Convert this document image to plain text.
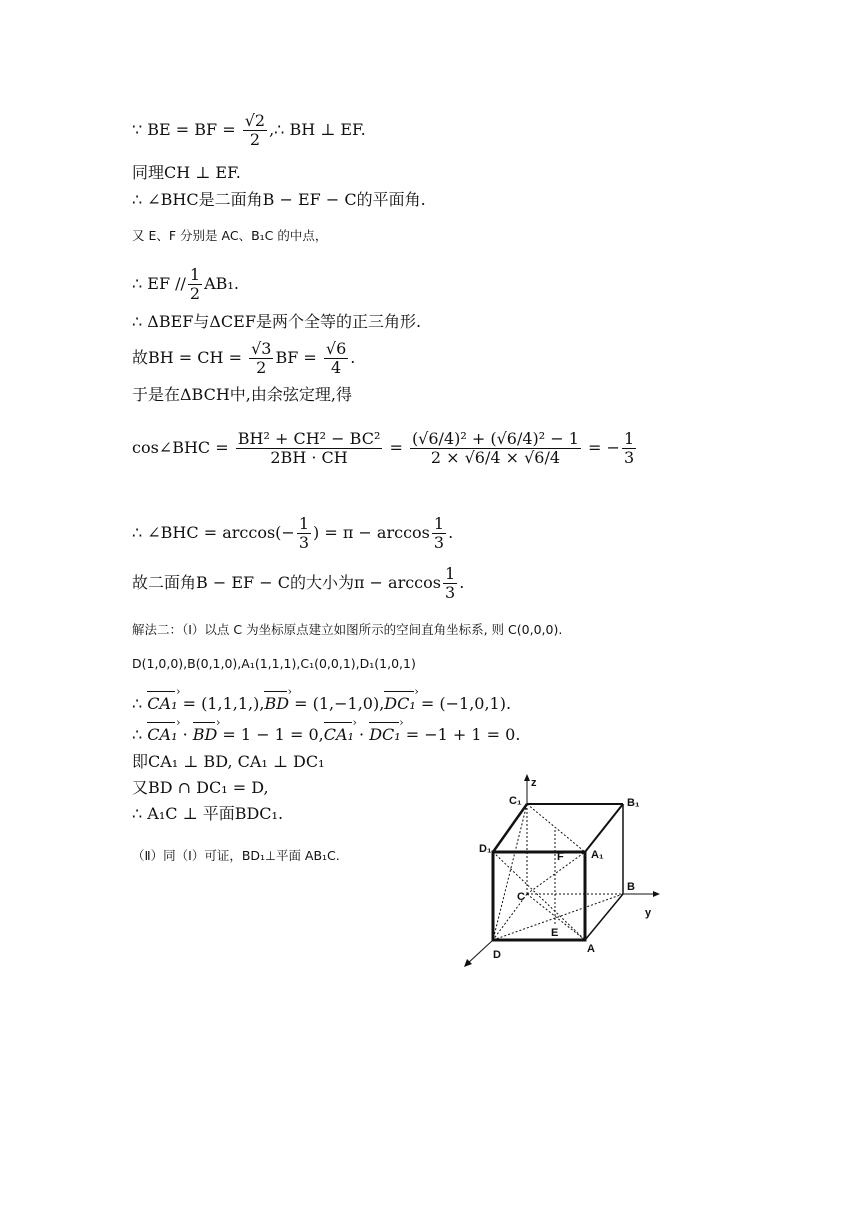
∵ BE = BF = $\frac{√2}{2}$ ,∴ BH ⊥ EF.
同理CH ⊥ EF.
∴ ∠BHC是二面角B − EF − C的平面角.
又 E、F 分别是 AC、B₁C 的中点，
∴ EF // $\frac{1}{2} AB_1$.
∴ ΔBEF与ΔCEF是两个全等的正三角形.
故BH = CH = $\frac{√3}{2}$ BF = $\frac{√6}{4}$ .
于是在ΔBCH中,由余弦定理,得
cos∠BHC = $\frac{\text{BH² + CH² − BC²}}{2BH \cdot CH} = \frac{\text{(√6/4)² + (√6/4)² − 1}}{2 \times √6/4 \times √6/4}$ = − $\frac{1}{3}$
∴ ∠BHC = $\arccos(- \frac{1}{3}$ ) = $\pi - \arccos \frac{1}{3}$ .
故二面角B − EF − C的大小为$\pi - \arccos \frac{1}{3}$ .
解法二：（Ⅰ）以点 C 为坐标原点建立如图所示的空间直角坐标系, 则 C(0,0,0).
D(1,0,0),B(0,1,0),A₁(1,1,1),C₁(0,0,1),D₁(1,0,1)
∴ CA₁ › = (1,1,1,),BD › = (1,−1,0),DC₁ › = (−1,0,1).
∴ CA₁ › · BD › = 1 − 1 = 0,CA₁ › · DC₁ › = −1 + 1 = 0.
即CA₁ ⊥ BD, CA₁ ⊥ DC₁
又BD ∩ DC₁ = D,
∴ A₁C ⊥ 平面BDC₁.
（Ⅱ）同（Ⅰ）可证，BD₁⊥平面 AB₁C.
z
y
C₁	B₁
D₁	A₁
F
B
C
E
A
D
